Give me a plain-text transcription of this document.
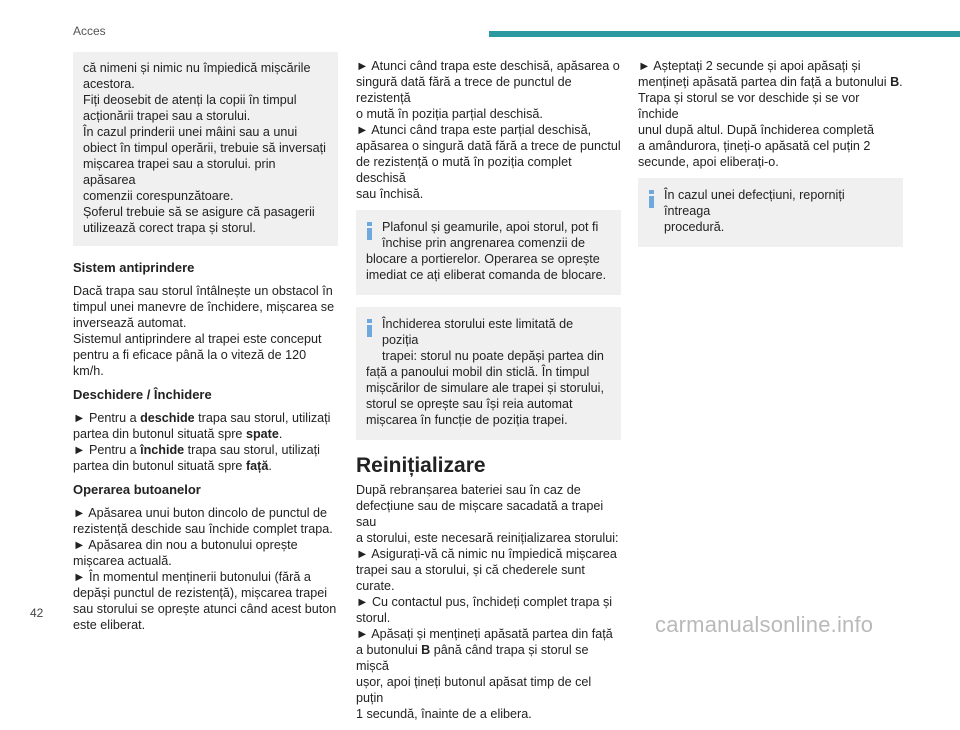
Acces
că nimeni și nimic nu împiedică mișcările
acestora.
Fiți deosebit de atenți la copii în timpul
acționării trapei sau a storului.
În cazul prinderii unei mâini sau a unui
obiect în timpul operării, trebuie să inversați
mișcarea trapei sau a storului. prin apăsarea
comenzii corespunzătoare.
Șoferul trebuie să se asigure că pasagerii
utilizează corect trapa și storul.
Sistem antiprindere

Dacă trapa sau storul întâlnește un obstacol în
timpul unei manevre de închidere, mișcarea se
inversează automat.
Sistemul antiprindere al trapei este conceput
pentru a fi eficace până la o viteză de 120 km/h.

Deschidere / Închidere

► Pentru a deschide trapa sau storul, utilizați
partea din butonul situată spre spate.
► Pentru a închide trapa sau storul, utilizați
partea din butonul situată spre față.

Operarea butoanelor

► Apăsarea unui buton dincolo de punctul de
rezistență deschide sau închide complet trapa.
► Apăsarea din nou a butonului oprește
mișcarea actuală.
► În momentul menținerii butonului (fără a
depăși punctul de rezistență), mișcarea trapei
sau storului se oprește atunci când acest buton
este eliberat.

► Atunci când trapa este deschisă, apăsarea o
singură dată fără a trece de punctul de rezistență
o mută în poziția parțial deschisă.
► Atunci când trapa este parțial deschisă,
apăsarea o singură dată fără a trece de punctul
de rezistență o mută în poziția complet deschisă
sau închisă.

Plafonul și geamurile, apoi storul, pot fi
închise prin angrenarea comenzii de
blocare a portierelor. Operarea se oprește
imediat ce ați eliberat comanda de blocare.
Închiderea storului este limitată de poziția
trapei: storul nu poate depăși partea din
față a panoului mobil din sticlă. În timpul
mișcărilor de simulare ale trapei și storului,
storul se oprește sau își reia automat
mișcarea în funcție de poziția trapei.
Reinițializare

După rebranșarea bateriei sau în caz de
defecțiune sau de mișcare sacadată a trapei sau
a storului, este necesară reinițializarea storului:
► Asigurați-vă că nimic nu împiedică mișcarea
trapei sau a storului, și că chederele sunt curate.
► Cu contactul pus, închideți complet trapa și
storul.
► Apăsați și mențineți apăsată partea din față
a butonului B până când trapa și storul se mișcă
ușor, apoi țineți butonul apăsat timp de cel puțin
1 secundă, înainte de a elibera.

► Așteptați 2 secunde și apoi apăsați și
mențineți apăsată partea din față a butonului B.
Trapa și storul se vor deschide și se vor închide
unul după altul. După închiderea completă
a amândurora, țineți-o apăsată cel puțin 2
secunde, apoi eliberați-o.

În cazul unei defecțiuni, reporniți întreaga
procedură.
42	carmanualsonline.info
